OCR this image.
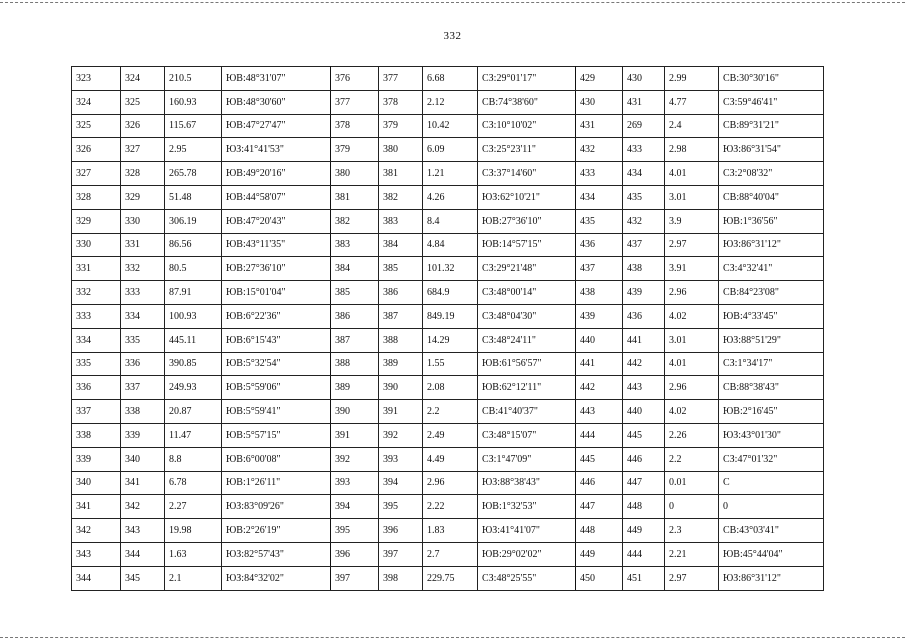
332
323	324	210.5	ЮВ:48°31'07"	376	377	6.68	СЗ:29°01'17"	429	430	2.99	СВ:30°30'16"
324	325	160.93	ЮВ:48°30'60"	377	378	2.12	СВ:74°38'60"	430	431	4.77	СЗ:59°46'41"
325	326	115.67	ЮВ:47°27'47"	378	379	10.42	СЗ:10°10'02"	431	269	2.4	СВ:89°31'21"
326	327	2.95	ЮЗ:41°41'53"	379	380	6.09	СЗ:25°23'11"	432	433	2.98	ЮЗ:86°31'54"
327	328	265.78	ЮВ:49°20'16"	380	381	1.21	СЗ:37°14'60"	433	434	4.01	СЗ:2°08'32"
328	329	51.48	ЮВ:44°58'07"	381	382	4.26	ЮЗ:62°10'21"	434	435	3.01	СВ:88°40'04"
329	330	306.19	ЮВ:47°20'43"	382	383	8.4	ЮВ:27°36'10"	435	432	3.9	ЮВ:1°36'56"
330	331	86.56	ЮВ:43°11'35"	383	384	4.84	ЮВ:14°57'15"	436	437	2.97	ЮЗ:86°31'12"
331	332	80.5	ЮВ:27°36'10"	384	385	101.32	СЗ:29°21'48"	437	438	3.91	СЗ:4°32'41"
332	333	87.91	ЮВ:15°01'04"	385	386	684.9	СЗ:48°00'14"	438	439	2.96	СВ:84°23'08"
333	334	100.93	ЮВ:6°22'36"	386	387	849.19	СЗ:48°04'30"	439	436	4.02	ЮВ:4°33'45"
334	335	445.11	ЮВ:6°15'43"	387	388	14.29	СЗ:48°24'11"	440	441	3.01	ЮЗ:88°51'29"
335	336	390.85	ЮВ:5°32'54"	388	389	1.55	ЮВ:61°56'57"	441	442	4.01	СЗ:1°34'17"
336	337	249.93	ЮВ:5°59'06"	389	390	2.08	ЮВ:62°12'11"	442	443	2.96	СВ:88°38'43"
337	338	20.87	ЮВ:5°59'41"	390	391	2.2	СВ:41°40'37"	443	440	4.02	ЮВ:2°16'45"
338	339	11.47	ЮВ:5°57'15"	391	392	2.49	СЗ:48°15'07"	444	445	2.26	ЮЗ:43°01'30"
339	340	8.8	ЮВ:6°00'08"	392	393	4.49	СЗ:1°47'09"	445	446	2.2	СЗ:47°01'32"
340	341	6.78	ЮВ:1°26'11"	393	394	2.96	ЮЗ:88°38'43"	446	447	0.01	С
341	342	2.27	ЮЗ:83°09'26"	394	395	2.22	ЮВ:1°32'53"	447	448	0	0
342	343	19.98	ЮВ:2°26'19"	395	396	1.83	ЮЗ:41°41'07"	448	449	2.3	СВ:43°03'41"
343	344	1.63	ЮЗ:82°57'43"	396	397	2.7	ЮВ:29°02'02"	449	444	2.21	ЮВ:45°44'04"
344	345	2.1	ЮЗ:84°32'02"	397	398	229.75	СЗ:48°25'55"	450	451	2.97	ЮЗ:86°31'12"
